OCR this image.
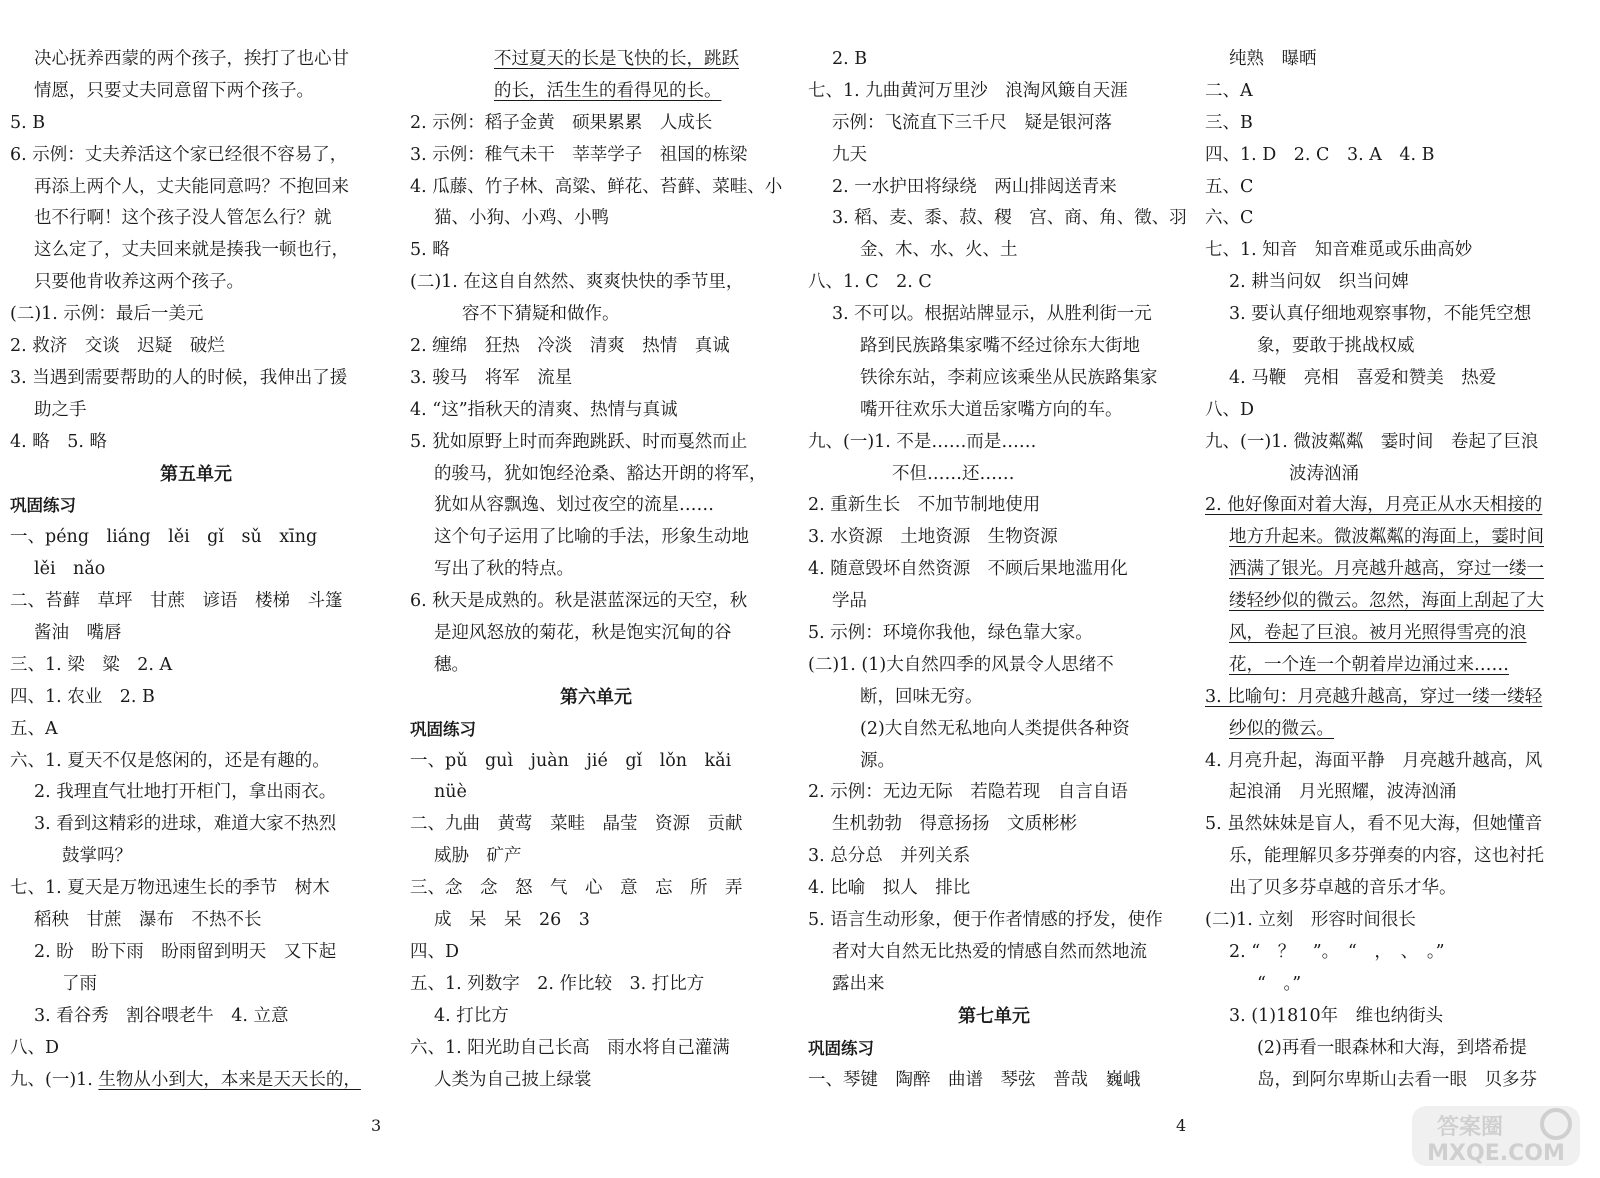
决心抚养西蒙的两个孩子，挨打了也心甘
情愿，只要丈夫同意留下两个孩子。
5. B
6. 示例：丈夫养活这个家已经很不容易了，
再添上两个人，丈夫能同意吗？不抱回来
也不行啊！这个孩子没人管怎么行？就
这么定了，丈夫回来就是揍我一顿也行，
只要他肯收养这两个孩子。
(二)1. 示例：最后一美元
2. 救济　交谈　迟疑　破烂
3. 当遇到需要帮助的人的时候，我伸出了援
助之手
4. 略　5. 略
第五单元
巩固练习
一、péng　liáng　lěi　gǐ　sǔ　xīng
lěi　nǎo
二、苔藓　草坪　甘蔗　谚语　楼梯　斗篷
酱油　嘴唇
三、1. 梁　粱　2. A
四、1. 农业　2. B
五、A
六、1. 夏天不仅是悠闲的，还是有趣的。
2. 我理直气壮地打开柜门，拿出雨衣。
3. 看到这精彩的进球，难道大家不热烈
鼓掌吗？
七、1. 夏天是万物迅速生长的季节　树木
稻秧　甘蔗　瀑布　不热不长
2. 盼　盼下雨　盼雨留到明天　又下起
了雨
3. 看谷秀　割谷喂老牛　4. 立意
八、D
九、(一)1. 生物从小到大，本来是天天长的，
不过夏天的长是飞快的长，跳跃
的长，活生生的看得见的长。
2. 示例：稻子金黄　硕果累累　人成长
3. 示例：稚气未干　莘莘学子　祖国的栋梁
4. 瓜藤、竹子林、高粱、鲜花、苔藓、菜畦、小
猫、小狗、小鸡、小鸭
5. 略
(二)1. 在这自自然然、爽爽快快的季节里，
容不下猜疑和做作。
2. 缠绵　狂热　冷淡　清爽　热情　真诚
3. 骏马　将军　流星
4. “这”指秋天的清爽、热情与真诚
5. 犹如原野上时而奔跑跳跃、时而戛然而止
的骏马，犹如饱经沧桑、豁达开朗的将军，
犹如从容飘逸、划过夜空的流星……
这个句子运用了比喻的手法，形象生动地
写出了秋的特点。
6. 秋天是成熟的。秋是湛蓝深远的天空，秋
是迎风怒放的菊花，秋是饱实沉甸的谷
穗。
第六单元
巩固练习
一、pǔ　guì　juàn　jié　gǐ　lǒn　kǎi
nüè
二、九曲　黄莺　菜畦　晶莹　资源　贡献
威胁　矿产
三、念　念　怒　气　心　意　忘　所　弄
成　呆　呆　26　3
四、D
五、1. 列数字　2. 作比较　3. 打比方
4. 打比方
六、1. 阳光助自己长高　雨水将自己灌满
人类为自己披上绿裳
2. B
七、1. 九曲黄河万里沙　浪淘风簸自天涯
示例：飞流直下三千尺　疑是银河落
九天
2. 一水护田将绿绕　两山排闼送青来
3. 稻、麦、黍、菽、稷　宫、商、角、徵、羽
金、木、水、火、土
八、1. C　2. C
3. 不可以。根据站牌显示，从胜利街一元
路到民族路集家嘴不经过徐东大街地
铁徐东站，李莉应该乘坐从民族路集家
嘴开往欢乐大道岳家嘴方向的车。
九、(一)1. 不是……而是……
不但……还……
2. 重新生长　不加节制地使用
3. 水资源　土地资源　生物资源
4. 随意毁坏自然资源　不顾后果地滥用化
学品
5. 示例：环境你我他，绿色靠大家。
(二)1. (1)大自然四季的风景令人思绪不
断，回味无穷。
(2)大自然无私地向人类提供各种资
源。
2. 示例：无边无际　若隐若现　自言自语
生机勃勃　得意扬扬　文质彬彬
3. 总分总　并列关系
4. 比喻　拟人　排比
5. 语言生动形象，便于作者情感的抒发，使作
者对大自然无比热爱的情感自然而然地流
露出来
第七单元
巩固练习
一、琴键　陶醉　曲谱　琴弦　普哉　巍峨
纯熟　曝晒
二、A
三、B
四、1. D　2. C　3. A　4. B
五、C
六、C
七、1. 知音　知音难觅或乐曲高妙
2. 耕当问奴　织当问婢
3. 要认真仔细地观察事物，不能凭空想
象，要敢于挑战权威
4. 马鞭　亮相　喜爱和赞美　热爱
八、D
九、(一)1. 微波粼粼　霎时间　卷起了巨浪
波涛汹涌
2. 他好像面对着大海，月亮正从水天相接的
地方升起来。微波粼粼的海面上，霎时间
洒满了银光。月亮越升越高，穿过一缕一
缕轻纱似的微云。忽然，海面上刮起了大
风，卷起了巨浪。被月光照得雪亮的浪
花，一个连一个朝着岸边涌过来……
3. 比喻句：月亮越升越高，穿过一缕一缕轻
纱似的微云。
4. 月亮升起，海面平静　月亮越升越高，风
起浪涌　月光照耀，波涛汹涌
5. 虽然妹妹是盲人，看不见大海，但她懂音
乐，能理解贝多芬弹奏的内容，这也衬托
出了贝多芬卓越的音乐才华。
(二)1. 立刻　形容时间很长
2. “　？　”。　“　，　、　。”
“　。”
3. (1)1810年　维也纳街头
(2)再看一眼森林和大海，到塔希提
岛，到阿尔卑斯山去看一眼　贝多芬
3	4	答案圈
MXQE.COM
